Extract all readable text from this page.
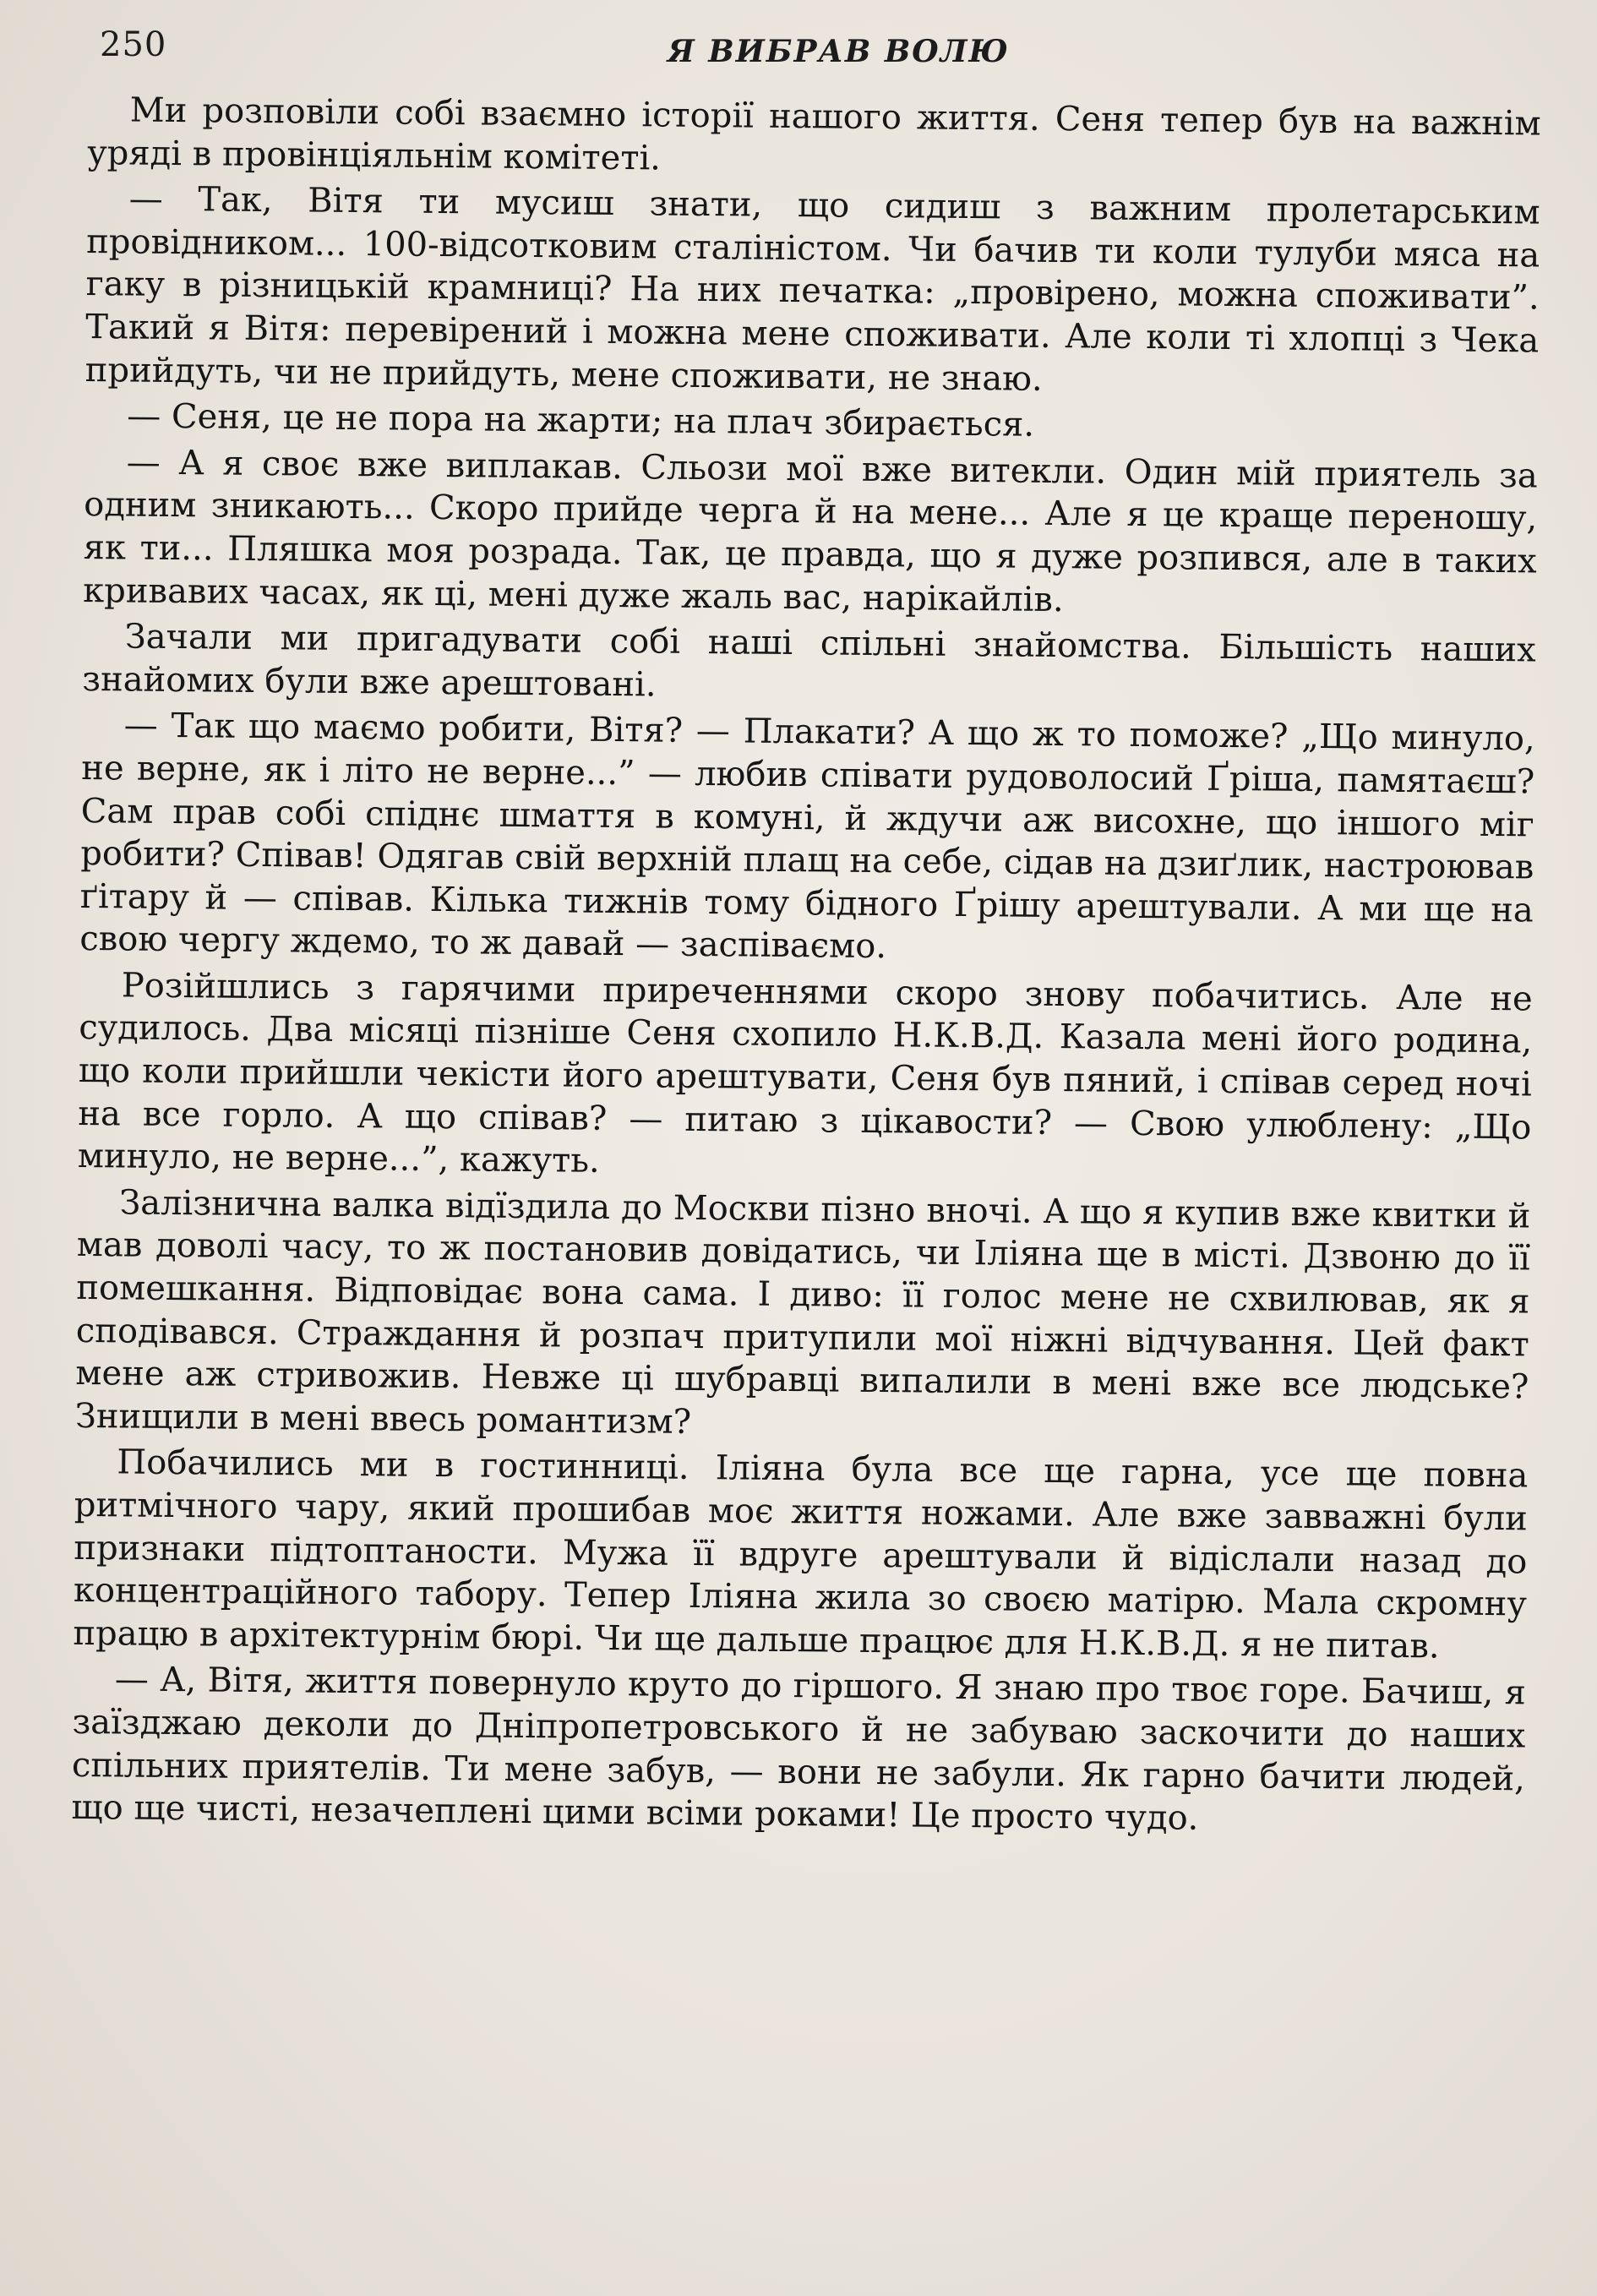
250	Я ВИБРАВ ВОЛЮ

Ми розповіли собі взаємно історії нашого життя. Сеня тепер був на важнім уряді в провінціяльнім комітеті.

— Так, Вітя ти мусиш знати, що сидиш з важним пролетарським провідником... 100-відсотковим сталіністом. Чи бачив ти коли тулуби мяса на гаку в різницькій крамниці? На них печатка: „провірено, можна споживати”. Такий я Вітя: перевірений і можна мене споживати. Але коли ті хлопці з Чека прийдуть, чи не прийдуть, мене споживати, не знаю.

— Сеня, це не пора на жарти; на плач збирається.

— А я своє вже виплакав. Сльози мої вже витекли. Один мій приятель за одним зникають... Скоро прийде черга й на мене... Але я це краще переношу, як ти... Пляшка моя розрада. Так, це правда, що я дуже розпився, але в таких кривавих часах, як ці, мені дуже жаль вас, нарікайлів.

Зачали ми пригадувати собі наші спільні знайомства. Більшість наших знайомих були вже арештовані.

— Так що маємо робити, Вітя? — Плакати? А що ж то поможе? „Що минуло, не верне, як і літо не верне...” — любив співати рудоволосий Ґріша, памятаєш? Сам прав собі спіднє шмаття в комуні, й ждучи аж висохне, що іншого міг робити? Співав! Одягав свій верхній плащ на себе, сідав на дзиґлик, настроював ґітару й — співав. Кілька тижнів тому бідного Ґрішу арештували. А ми ще на свою чергу ждемо, то ж давай — заспіваємо.

Розійшлись з гарячими приреченнями скоро знову побачитись. Але не судилось. Два місяці пізніше Сеня схопило Н.К.В.Д. Казала мені його родина, що коли прийшли чекісти його арештувати, Сеня був пяний, і співав серед ночі на все горло. А що співав? — питаю з цікавости? — Свою улюблену: „Що минуло, не верне...”, кажуть.

Залізнична валка відїздила до Москви пізно вночі. А що я купив вже квитки й мав доволі часу, то ж постановив довідатись, чи Іліяна ще в місті. Дзвоню до її помешкання. Відповідає вона сама. І диво: її голос мене не схвилював, як я сподівався. Страждання й розпач притупили мої ніжні відчування. Цей факт мене аж стривожив. Невже ці шубравці випалили в мені вже все людське? Знищили в мені ввесь романтизм?

Побачились ми в гостинниці. Іліяна була все ще гарна, усе ще повна ритмічного чару, який прошибав моє життя ножами. Але вже завважні були признаки підтоптаности. Мужа її вдруге арештували й відіслали назад до концентраційного табору. Тепер Іліяна жила зо своєю матірю. Мала скромну працю в архітектурнім бюрі. Чи ще дальше працює для Н.К.В.Д. я не питав.

— А, Вітя, життя повернуло круто до гіршого. Я знаю про твоє горе. Бачиш, я заїзджаю деколи до Дніпропетровського й не забуваю заскочити до наших спільних приятелів. Ти мене забув, — вони не забули. Як гарно бачити людей, що ще чисті, незачеплені цими всіми роками! Це просто чудо.
